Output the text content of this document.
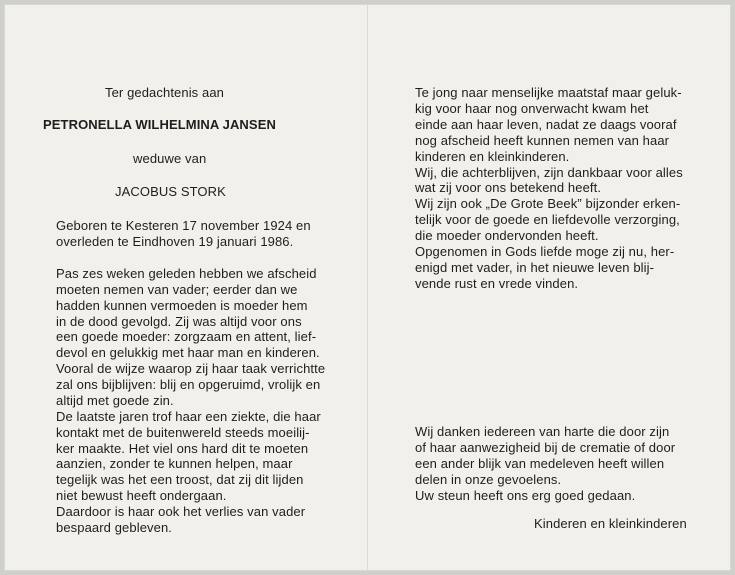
Ter gedachtenis aan

PETRONELLA WILHELMINA JANSEN

weduwe van

JACOBUS STORK

Geboren te Kesteren 17 november 1924 en

overleden te Eindhoven 19 januari 1986.

Pas zes weken geleden hebben we afscheid

moeten nemen van vader; eerder dan we

hadden kunnen vermoeden is moeder hem

in de dood gevolgd. Zij was altijd voor ons

een goede moeder: zorgzaam en attent, lief-

devol en gelukkig met haar man en kinderen.

Vooral de wijze waarop zij haar taak verrichtte

zal ons bijblijven: blij en opgeruimd, vrolijk en

altijd met goede zin.

De laatste jaren trof haar een ziekte, die haar

kontakt met de buitenwereld steeds moeilij-

ker maakte. Het viel ons hard dit te moeten

aanzien, zonder te kunnen helpen, maar

tegelijk was het een troost, dat zij dit lijden

niet bewust heeft ondergaan.

Daardoor is haar ook het verlies van vader

bespaard gebleven.

Te jong naar menselijke maatstaf maar geluk-

kig voor haar nog onverwacht kwam het

einde aan haar leven, nadat ze daags vooraf

nog afscheid heeft kunnen nemen van haar

kinderen en kleinkinderen.

Wij, die achterblijven, zijn dankbaar voor alles

wat zij voor ons betekend heeft.

Wij zijn ook „De Grote Beek” bijzonder erken-

telijk voor de goede en liefdevolle verzorging,

die moeder ondervonden heeft.

Opgenomen in Gods liefde moge zij nu, her-

enigd met vader, in het nieuwe leven blij-

vende rust en vrede vinden.

Wij danken iedereen van harte die door zijn

of haar aanwezigheid bij de crematie of door

een ander blijk van medeleven heeft willen

delen in onze gevoelens.

Uw steun heeft ons erg goed gedaan.

Kinderen en kleinkinderen
